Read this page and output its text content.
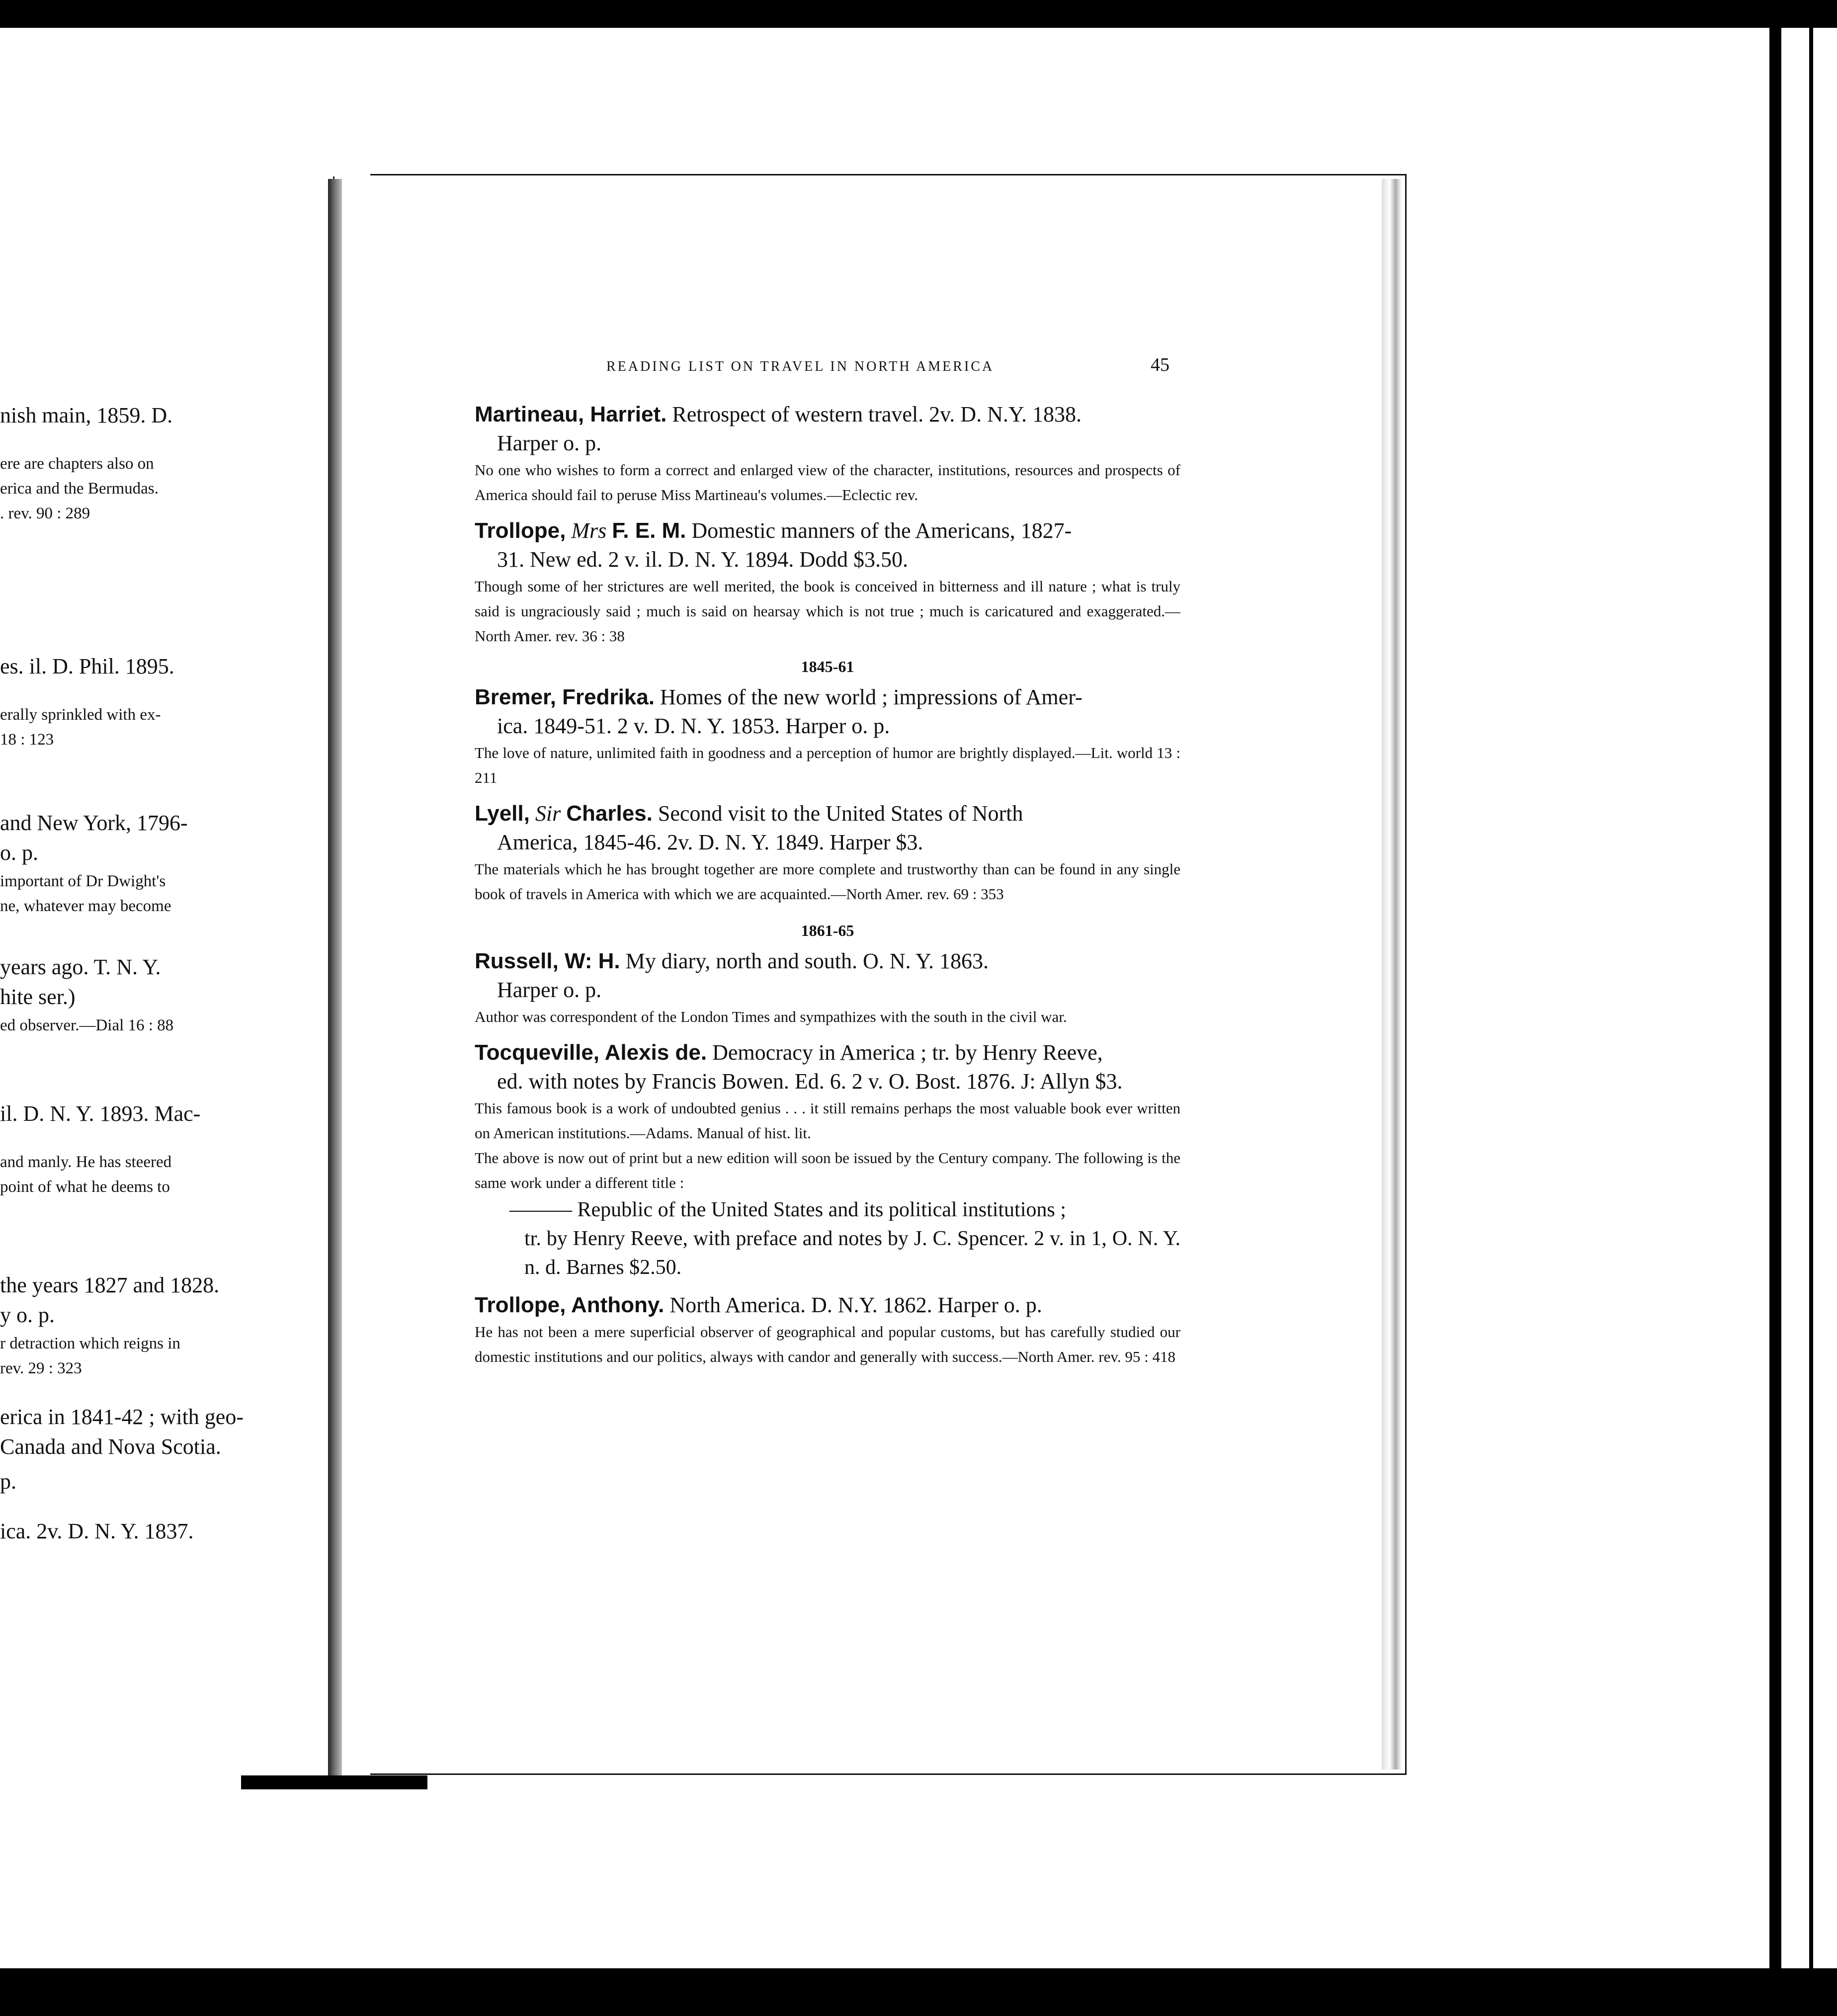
nish main, 1859. D.
ere are chapters also on
erica and the Bermudas.
. rev. 90 : 289
es. il. D. Phil. 1895.
erally sprinkled with ex-
18 : 123
and New York, 1796-
o. p.
important of Dr Dwight's
ne, whatever may become
years ago. T. N. Y.
hite ser.)
ed observer.—Dial 16 : 88
il. D. N. Y. 1893. Mac-
and manly. He has steered
point of what he deems to
the years 1827 and 1828.
y o. p.
r detraction which reigns in
rev. 29 : 323
erica in 1841-42 ; with geo-
Canada and Nova Scotia.
p.
ica. 2v. D. N. Y. 1837.
READING LIST ON TRAVEL IN NORTH AMERICA	45
Martineau, Harriet. Retrospect of western travel. 2v. D. N.Y. 1838.
Harper o. p.
No one who wishes to form a correct and enlarged view of the character, institutions, resources and prospects of America should fail to peruse Miss Martineau's volumes.—Eclectic rev.
Trollope, Mrs F. E. M. Domestic manners of the Americans, 1827-
31. New ed. 2 v. il. D. N. Y. 1894. Dodd $3.50.
Though some of her strictures are well merited, the book is conceived in bitterness and ill nature ; what is truly said is ungraciously said ; much is said on hearsay which is not true ; much is caricatured and exaggerated.—North Amer. rev. 36 : 38
1845-61
Bremer, Fredrika. Homes of the new world ; impressions of Amer-
ica. 1849-51. 2 v. D. N. Y. 1853. Harper o. p.
The love of nature, unlimited faith in goodness and a perception of humor are brightly displayed.—Lit. world 13 : 211
Lyell, Sir Charles. Second visit to the United States of North
America, 1845-46. 2v. D. N. Y. 1849. Harper $3.
The materials which he has brought together are more complete and trustworthy than can be found in any single book of travels in America with which we are acquainted.—North Amer. rev. 69 : 353
1861-65
Russell, W: H. My diary, north and south. O. N. Y. 1863.
Harper o. p.
Author was correspondent of the London Times and sympathizes with the south in the civil war.
Tocqueville, Alexis de. Democracy in America ; tr. by Henry Reeve,
ed. with notes by Francis Bowen. Ed. 6. 2 v. O. Bost. 1876. J: Allyn $3.
This famous book is a work of undoubted genius . . . it still remains perhaps the most valuable book ever written on American institutions.—Adams. Manual of hist. lit.
The above is now out of print but a new edition will soon be issued by the Century company. The following is the same work under a different title :
——— Republic of the United States and its political institutions ;
tr. by Henry Reeve, with preface and notes by J. C. Spencer. 2 v. in 1, O. N. Y. n. d. Barnes $2.50.
Trollope, Anthony. North America. D. N.Y. 1862. Harper o. p.
He has not been a mere superficial observer of geographical and popular customs, but has carefully studied our domestic institutions and our politics, always with candor and generally with success.—North Amer. rev. 95 : 418
